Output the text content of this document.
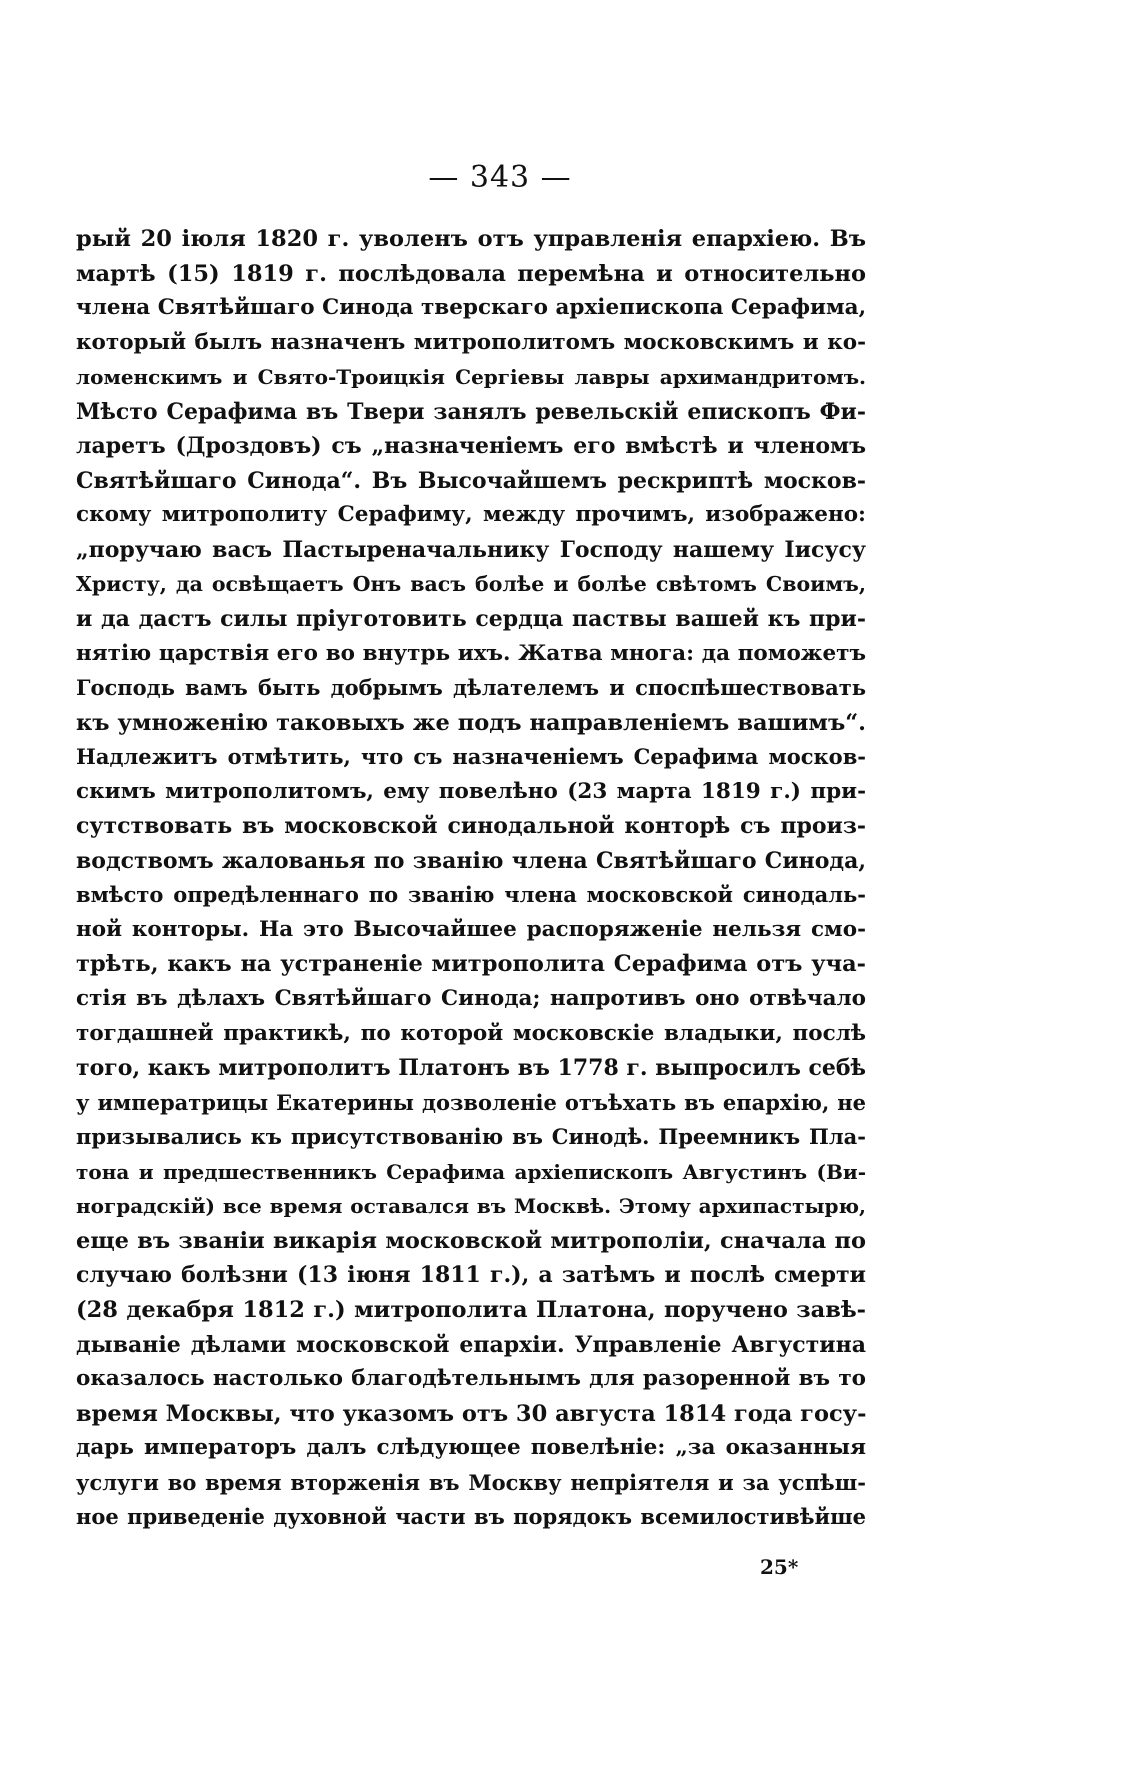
— 343 —
рый 20 іюля 1820 г. уволенъ отъ управленія епархіею. Въ
мартѣ (15) 1819 г. послѣдовала перемѣна и относительно
члена Святѣйшаго Синода тверскаго архіепископа Серафима,
который былъ назначенъ митрополитомъ московскимъ и ко-
ломенскимъ и Свято-Троицкія Сергіевы лавры архимандритомъ.
Мѣсто Серафима въ Твери занялъ ревельскій епископъ Фи-
ларетъ (Дроздовъ) съ „назначеніемъ его вмѣстѣ и членомъ
Святѣйшаго Синода“. Въ Высочайшемъ рескриптѣ москов-
скому митрополиту Серафиму, между прочимъ, изображено:
„поручаю васъ Пастыреначальнику Господу нашему Іисусу
Христу, да освѣщаетъ Онъ васъ болѣе и болѣе свѣтомъ Своимъ,
и да дастъ силы пріуготовить сердца паствы вашей къ при-
нятію царствія его во внутрь ихъ. Жатва многа: да поможетъ
Господь вамъ быть добрымъ дѣлателемъ и споспѣшествовать
къ умноженію таковыхъ же подъ направленіемъ вашимъ“.
Надлежитъ отмѣтить, что съ назначеніемъ Серафима москов-
скимъ митрополитомъ, ему повелѣно (23 марта 1819 г.) при-
сутствовать въ московской синодальной конторѣ съ произ-
водствомъ жалованья по званію члена Святѣйшаго Синода,
вмѣсто опредѣленнаго по званію члена московской синодаль-
ной конторы. На это Высочайшее распоряженіе нельзя смо-
трѣть, какъ на устраненіе митрополита Серафима отъ уча-
стія въ дѣлахъ Святѣйшаго Синода; напротивъ оно отвѣчало
тогдашней практикѣ, по которой московскіе владыки, послѣ
того, какъ митрополитъ Платонъ въ 1778 г. выпросилъ себѣ
у императрицы Екатерины дозволеніе отъѣхать въ епархію, не
призывались къ присутствованію въ Синодѣ. Преемникъ Пла-
тона и предшественникъ Серафима архіепископъ Августинъ (Ви-
ноградскій) все время оставался въ Москвѣ. Этому архипастырю,
еще въ званіи викарія московской митрополіи, сначала по
случаю болѣзни (13 іюня 1811 г.), а затѣмъ и послѣ смерти
(28 декабря 1812 г.) митрополита Платона, поручено завѣ-
дываніе дѣлами московской епархіи. Управленіе Августина
оказалось настолько благодѣтельнымъ для разоренной въ то
время Москвы, что указомъ отъ 30 августа 1814 года госу-
дарь императоръ далъ слѣдующее повелѣніе: „за оказанныя
услуги во время вторженія въ Москву непріятеля и за успѣш-
ное приведеніе духовной части въ порядокъ всемилостивѣйше
25*
